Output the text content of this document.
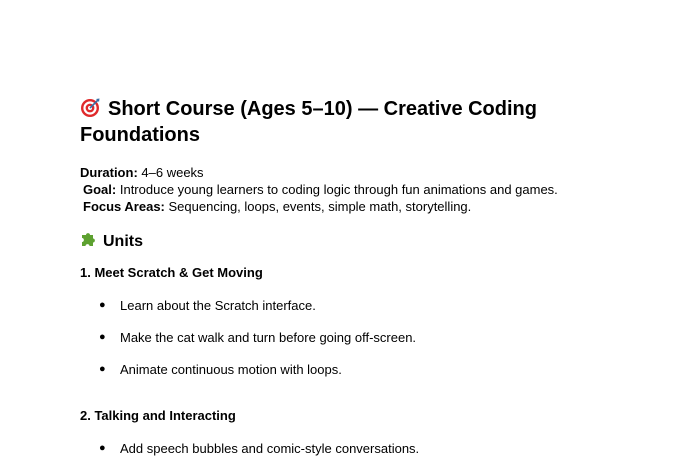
Short Course (Ages 5–10) — Creative Coding Foundations
Duration: 4–6 weeks
Goal: Introduce young learners to coding logic through fun animations and games.
Focus Areas: Sequencing, loops, events, simple math, storytelling.
Units
1. Meet Scratch & Get Moving
● Learn about the Scratch interface.
● Make the cat walk and turn before going off-screen.
● Animate continuous motion with loops.
2. Talking and Interacting
● Add speech bubbles and comic-style conversations.
